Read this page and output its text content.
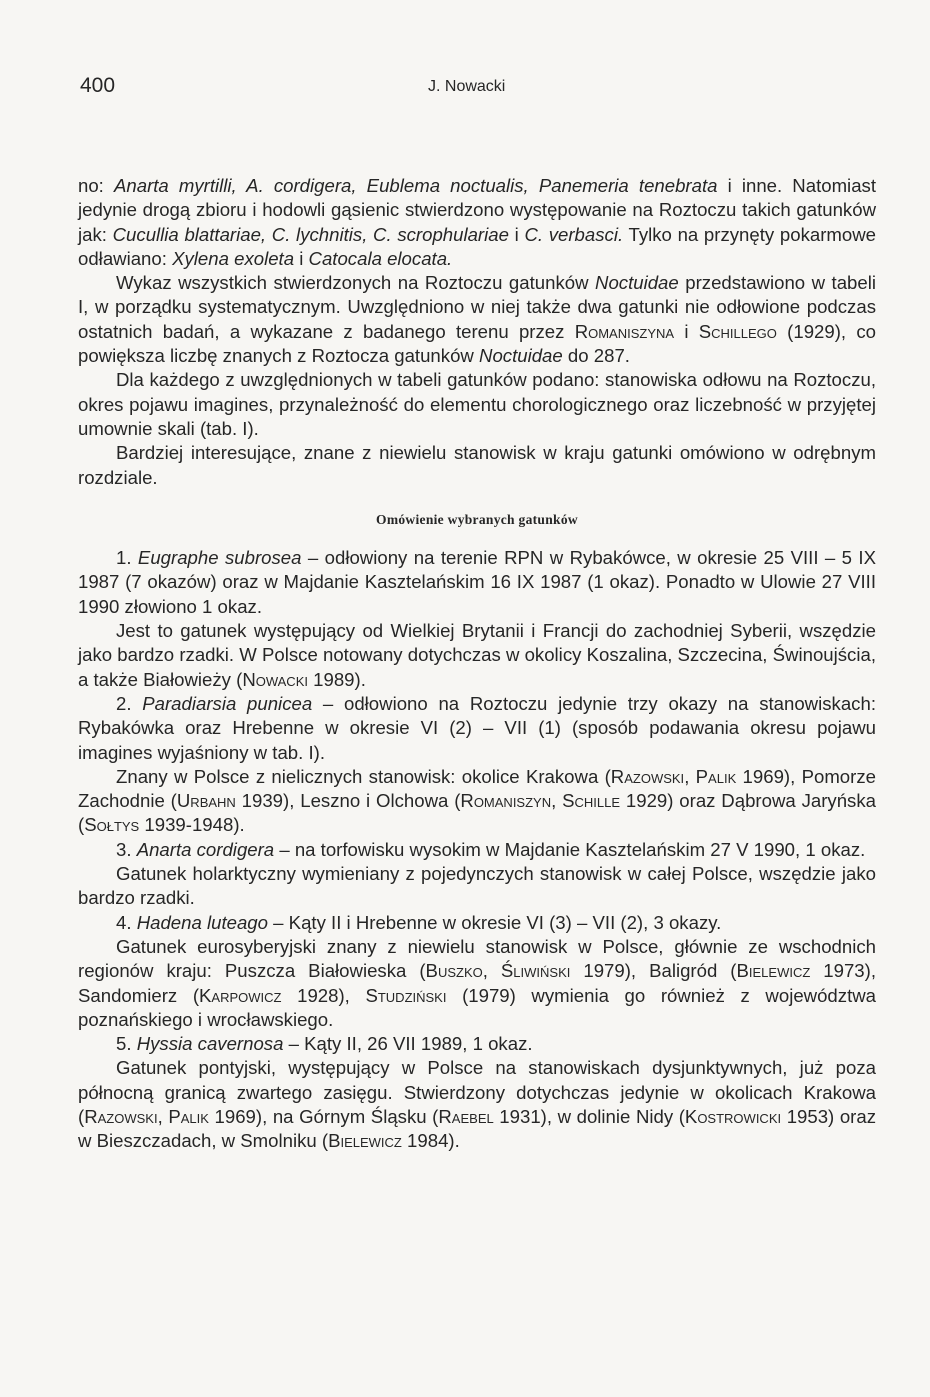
400	J. Nowacki

no: Anarta myrtilli, A. cordigera, Eublema noctualis, Panemeria tenebrata i inne. Natomiast jedynie drogą zbioru i hodowli gąsienic stwierdzono występowanie na Roztoczu takich gatunków jak: Cucullia blattariae, C. lychnitis, C. scrophulariae i C. verbasci. Tylko na przynęty pokarmowe odławiano: Xylena exoleta i Catocala elocata.

Wykaz wszystkich stwierdzonych na Roztoczu gatunków Noctuidae przedstawiono w tabeli I, w porządku systematycznym. Uwzględniono w niej także dwa gatunki nie odłowione podczas ostatnich badań, a wykazane z badanego terenu przez Romaniszyna i Schillego (1929), co powiększa liczbę znanych z Roztocza gatunków Noctuidae do 287.

Dla każdego z uwzględnionych w tabeli gatunków podano: stanowiska odłowu na Roztoczu, okres pojawu imagines, przynależność do elementu chorologicznego oraz liczebność w przyjętej umownie skali (tab. I).

Bardziej interesujące, znane z niewielu stanowisk w kraju gatunki omówiono w odrębnym rozdziale.

Omówienie wybranych gatunków

1. Eugraphe subrosea – odłowiony na terenie RPN w Rybakówce, w okresie 25 VIII – 5 IX 1987 (7 okazów) oraz w Majdanie Kasztelańskim 16 IX 1987 (1 okaz). Ponadto w Ulowie 27 VIII 1990 złowiono 1 okaz.

Jest to gatunek występujący od Wielkiej Brytanii i Francji do zachodniej Syberii, wszędzie jako bardzo rzadki. W Polsce notowany dotychczas w okolicy Koszalina, Szczecina, Świnoujścia, a także Białowieży (Nowacki 1989).

2. Paradiarsia punicea – odłowiono na Roztoczu jedynie trzy okazy na stanowiskach: Rybakówka oraz Hrebenne w okresie VI (2) – VII (1) (sposób podawania okresu pojawu imagines wyjaśniony w tab. I).

Znany w Polsce z nielicznych stanowisk: okolice Krakowa (Razowski, Palik 1969), Pomorze Zachodnie (Urbahn 1939), Leszno i Olchowa (Romaniszyn, Schille 1929) oraz Dąbrowa Jaryńska (Sołtys 1939-1948).

3. Anarta cordigera – na torfowisku wysokim w Majdanie Kasztelańskim 27 V 1990, 1 okaz.

Gatunek holarktyczny wymieniany z pojedynczych stanowisk w całej Polsce, wszędzie jako bardzo rzadki.

4. Hadena luteago – Kąty II i Hrebenne w okresie VI (3) – VII (2), 3 okazy.

Gatunek eurosyberyjski znany z niewielu stanowisk w Polsce, głównie ze wschodnich regionów kraju: Puszcza Białowieska (Buszko, Śliwiński 1979), Baligród (Bielewicz 1973), Sandomierz (Karpowicz 1928), Studziński (1979) wymienia go również z województwa poznańskiego i wrocławskiego.

5. Hyssia cavernosa – Kąty II, 26 VII 1989, 1 okaz.

Gatunek pontyjski, występujący w Polsce na stanowiskach dysjunktywnych, już poza północną granicą zwartego zasięgu. Stwierdzony dotychczas jedynie w okolicach Krakowa (Razowski, Palik 1969), na Górnym Śląsku (Raebel 1931), w dolinie Nidy (Kostrowicki 1953) oraz w Bieszczadach, w Smolniku (Bielewicz 1984).
